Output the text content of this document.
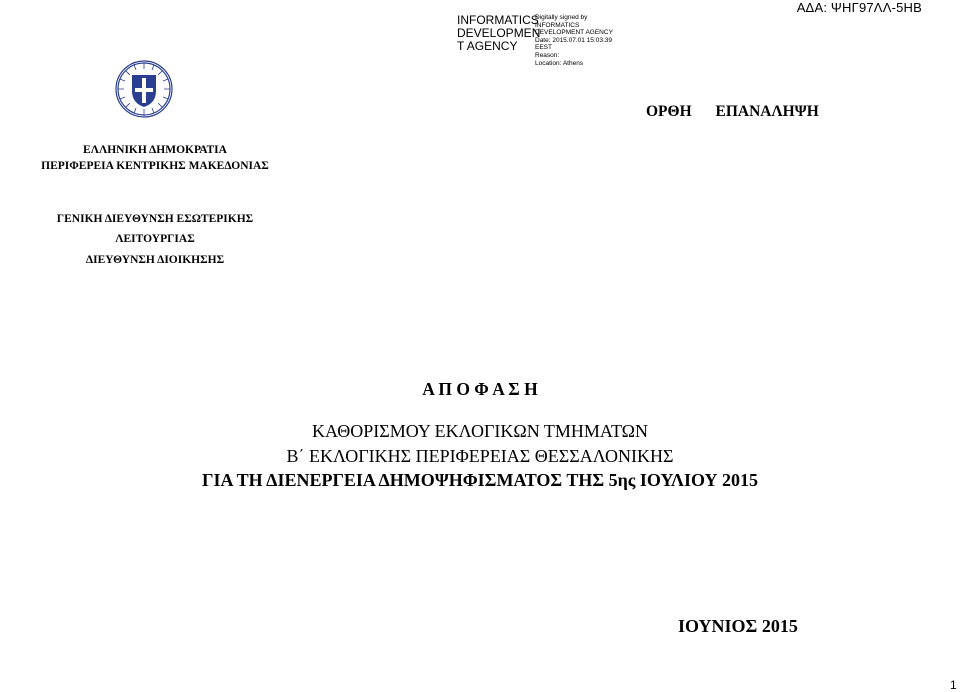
INFORMATICS
DEVELOPMEN
T AGENCY
Digitally signed by
INFORMATICS
DEVELOPMENT AGENCY
Date: 2015.07.01 15:03:39
EEST
Reason:
Location: Athens
ΑΔΑ: ΨΗΓ97ΛΛ-5ΗΒ
ΟΡΘΗ ΕΠΑΝΑΛΗΨΗ
ΕΛΛΗΝΙΚΗ ΔΗΜΟΚΡΑΤΙΑ
ΠΕΡΙΦΕΡΕΙΑ ΚΕΝΤΡΙΚΗΣ ΜΑΚΕΔΟΝΙΑΣ
ΓΕΝΙΚΗ ΔΙΕΥΘΥΝΣΗ ΕΣΩΤΕΡΙΚΗΣ
ΛΕΙΤΟΥΡΓΙΑΣ
ΔΙΕΥΘΥΝΣΗ ΔΙΟΙΚΗΣΗΣ
Α Π Ο Φ Α Σ Η
ΚΑΘΟΡΙΣΜΟΥ ΕΚΛΟΓΙΚΩΝ ΤΜΗΜΑΤΩΝ
Β΄ ΕΚΛΟΓΙΚΗΣ ΠΕΡΙΦΕΡΕΙΑΣ ΘΕΣΣΑΛΟΝΙΚΗΣ
ΓΙΑ ΤΗ ΔΙΕΝΕΡΓΕΙΑ ΔΗΜΟΨΗΦΙΣΜΑΤΟΣ ΤΗΣ 5ης ΙΟΥΛΙΟΥ 2015
ΙΟΥΝΙΟΣ 2015
1
